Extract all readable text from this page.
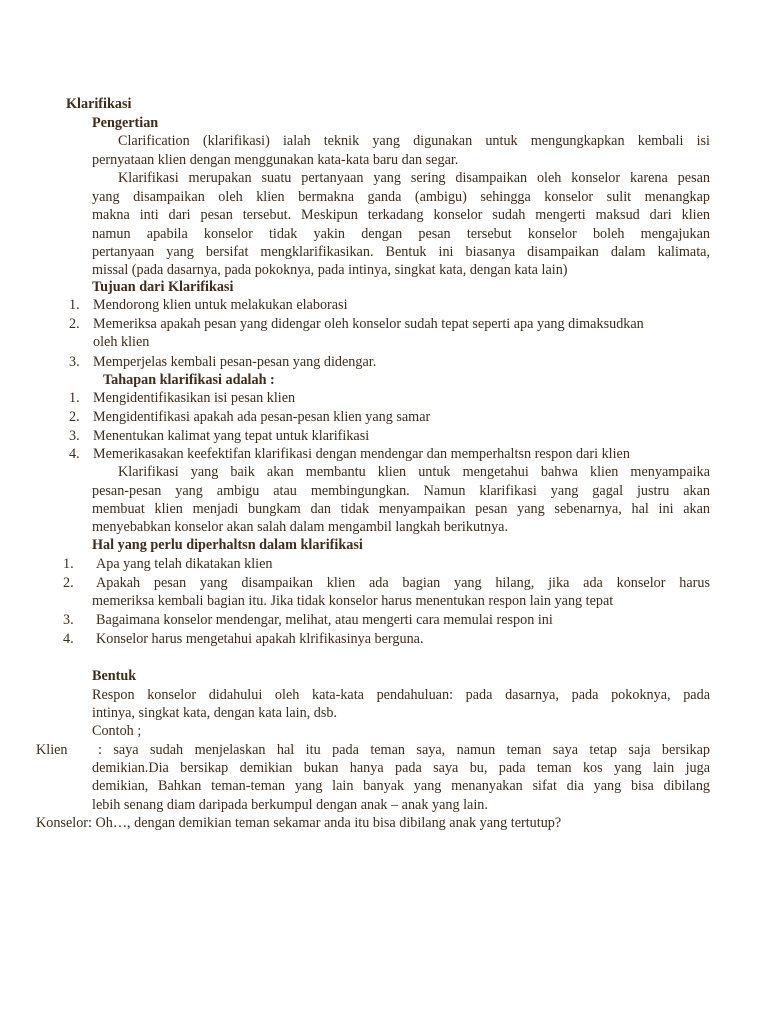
Klarifikasi
Pengertian
Clarification (klarifikasi) ialah teknik yang digunakan untuk mengungkapkan kembali isi
pernyataan klien dengan menggunakan kata-kata baru dan segar.
Klarifikasi merupakan suatu pertanyaan yang sering disampaikan oleh konselor karena pesan
yang disampaikan oleh klien bermakna ganda (ambigu) sehingga konselor sulit menangkap
makna inti dari pesan tersebut. Meskipun terkadang konselor sudah mengerti maksud dari klien
namun apabila konselor tidak yakin dengan pesan tersebut konselor boleh mengajukan
pertanyaan yang bersifat mengklarifikasikan. Bentuk ini biasanya disampaikan dalam kalimata,
missal (pada dasarnya, pada pokoknya, pada intinya, singkat kata, dengan kata lain)
Tujuan dari Klarifikasi
1. Mendorong klien untuk melakukan elaborasi
2. Memeriksa apakah pesan yang didengar oleh konselor sudah tepat seperti apa yang dimaksudkan
oleh klien
3. Memperjelas kembali pesan-pesan yang didengar.
Tahapan klarifikasi adalah :
1. Mengidentifikasikan isi pesan klien
2. Mengidentifikasi apakah ada pesan-pesan klien yang samar
3. Menentukan kalimat yang tepat untuk klarifikasi
4. Memerikasakan keefektifan klarifikasi dengan mendengar dan memperhaltsn respon dari klien
Klarifikasi yang baik akan membantu klien untuk mengetahui bahwa klien menyampaika
pesan-pesan yang ambigu atau membingungkan. Namun klarifikasi yang gagal justru akan
membuat klien menjadi bungkam dan tidak menyampaikan pesan yang sebenarnya, hal ini akan
menyebabkan konselor akan salah dalam mengambil langkah berikutnya.
Hal yang perlu diperhaltsn dalam klarifikasi
1. Apa yang telah dikatakan klien
2. Apakah pesan yang disampaikan klien ada bagian yang hilang, jika ada konselor harus
memeriksa kembali bagian itu. Jika tidak konselor harus menentukan respon lain yang tepat
3. Bagaimana konselor mendengar, melihat, atau mengerti cara memulai respon ini
4. Konselor harus mengetahui apakah klrifikasinya berguna.
Bentuk
Respon konselor didahului oleh kata-kata pendahuluan: pada dasarnya, pada pokoknya, pada
intinya, singkat kata, dengan kata lain, dsb.
Contoh ;
Klien : saya sudah menjelaskan hal itu pada teman saya, namun teman saya tetap saja bersikap
demikian.Dia bersikap demikian bukan hanya pada saya bu, pada teman kos yang lain juga
demikian, Bahkan teman-teman yang lain banyak yang menanyakan sifat dia yang bisa dibilang
lebih senang diam daripada berkumpul dengan anak – anak yang lain.
Konselor: Oh…, dengan demikian teman sekamar anda itu bisa dibilang anak yang tertutup?
